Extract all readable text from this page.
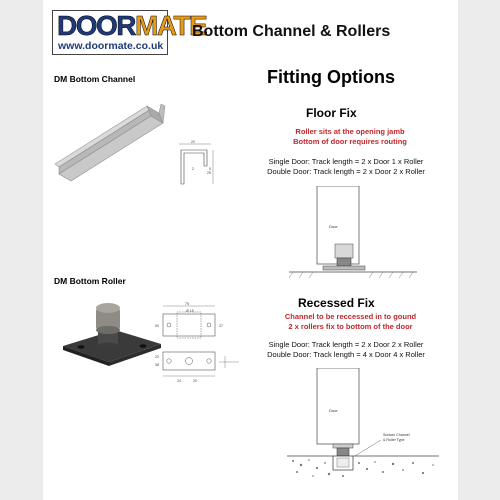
DOORMATE
www.doormate.co.uk
Bottom Channel & Rollers
DM Bottom Channel
DM Bottom Roller
20
25
2	5
75
Ø 18
50	37
20
38
24	20
Fitting Options
Floor Fix
Roller sits at the opening jamb
Bottom of door requires routing
Single Door: Track length = 2 x Door 1 x Roller
Double Door: Track length = 2 x Door 2 x Roller
Door
Recessed Fix
Channel to be reccessed in to gound
2 x rollers fix to bottom of the door
Single Door: Track length = 2 x Door 2 x Roller
Double Door: Track length = 4 x Door 4 x Roller
Door
Sunken Channel
& Roller Type
